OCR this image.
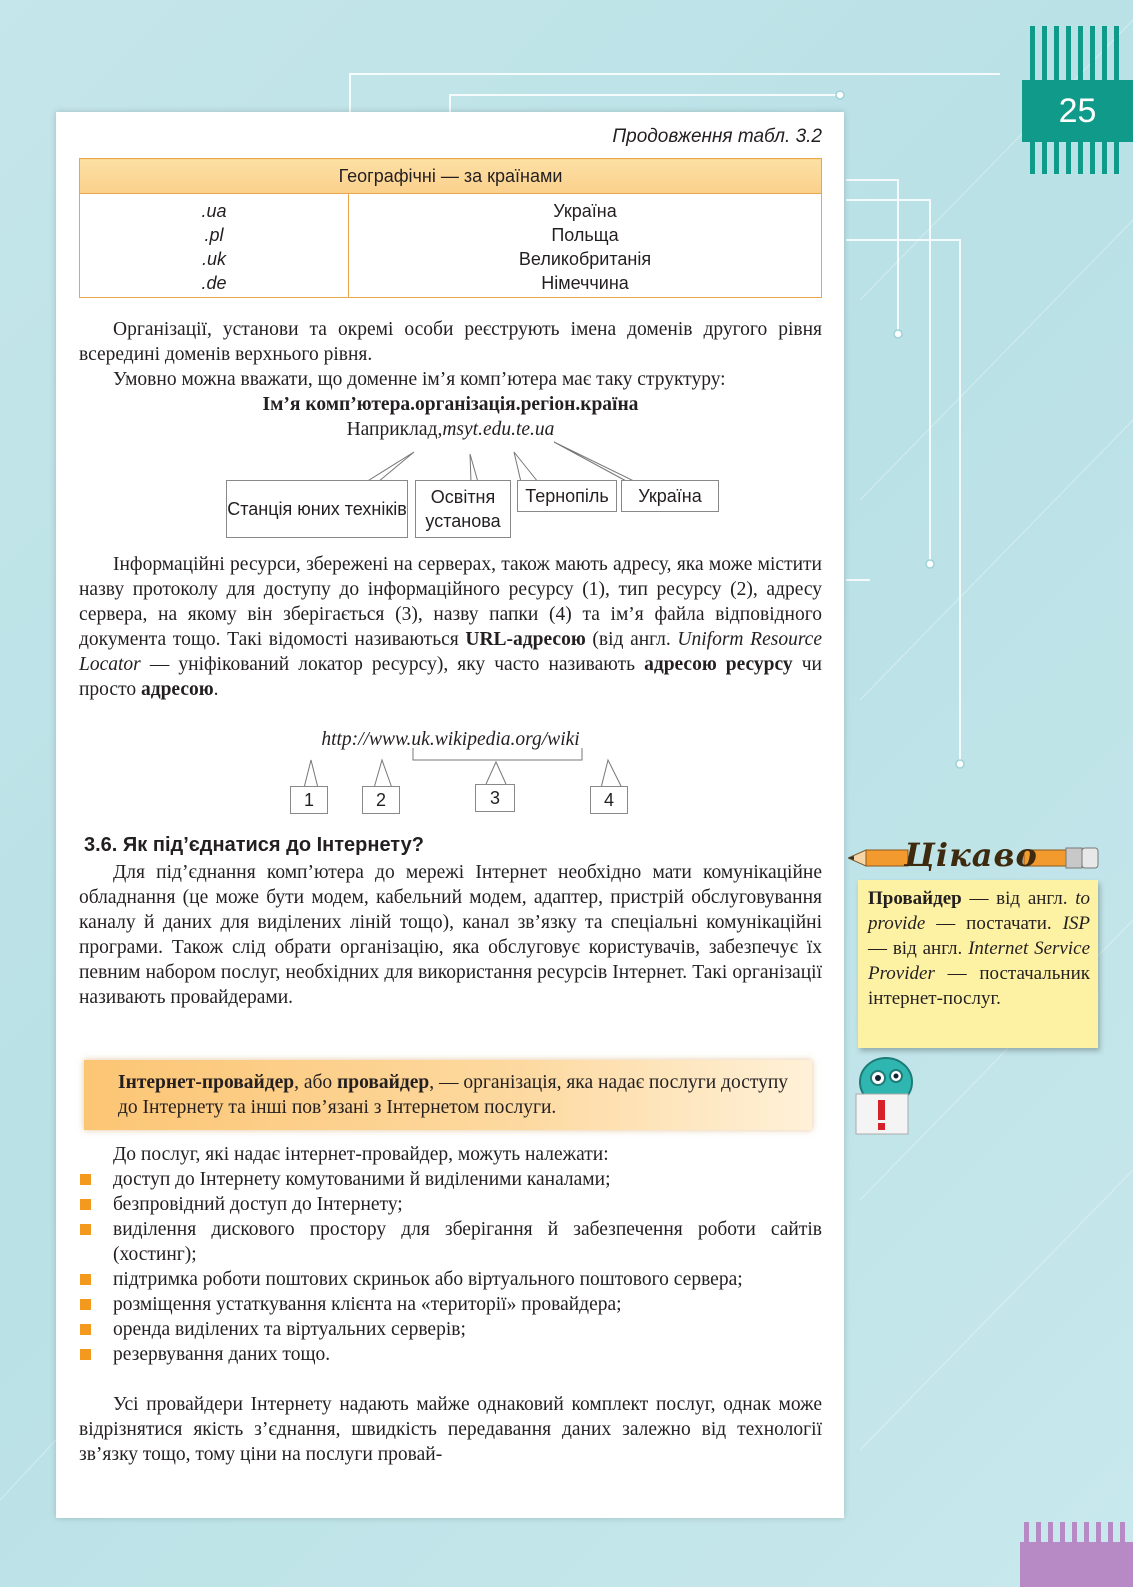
25
Продовження табл. 3.2
Географічні — за країнами	
.ua	Україна
.pl	Польща
.uk	Великобританія
.de	Німеччина

Організації, установи та окремі особи реєструють імена доменів другого рівня всередині доменів верхнього рівня.

Умовно можна вважати, що доменне ім’я комп’ютера має таку структуру:

Ім’я комп’ютера.організація.регіон.країна
Наприклад,msyt.edu.te.ua
Станція юних техніків
Освітня установа
Тернопіль	Україна

Інформаційні ресурси, збережені на серверах, також мають адресу, яка може містити назву протоколу для доступу до інформаційного ресурсу (1), тип ресурсу (2), адресу сервера, на якому він зберігається (3), назву папки (4) та ім’я файла відповідного документа тощо. Такі відомості називаються URL-адресою (від англ. Uniform Resource Locator — уніфікований локатор ресурсу), яку часто називають адресою ресурсу чи просто адресою.

http://www.uk.wikipedia.org/wiki
1	2	3	4
3.6. Як під’єднатися до Інтернету?

Для під’єднання комп’ютера до мережі Інтернет необхідно мати комунікаційне обладнання (це може бути модем, кабельний модем, адаптер, пристрій обслуговування каналу й даних для виділених ліній тощо), канал зв’язку та спеціальні комунікаційні програми. Також слід обрати організацію, яка обслуговує користувачів, забезпечує їх певним набором послуг, необхідних для використання ресурсів Інтернет. Такі організації називають провайдерами.

Інтернет-провайдер, або провайдер, — організація, яка надає послуги доступу до Інтернету та інші пов’язані з Інтернетом послуги.

До послуг, які надає інтернет-провайдер, можуть належати:

доступ до Інтернету комутованими й виділеними каналами;
безпровідний доступ до Інтернету;
виділення дискового простору для зберігання й забезпечення роботи сайтів (хостинг);
підтримка роботи поштових скриньок або віртуального поштового сервера;
розміщення устаткування клієнта на «території» провайдера;
оренда виділених та віртуальних серверів;
резервування даних тощо.

Усі провайдери Інтернету надають майже однаковий комплект послуг, однак може відрізнятися якість з’єднання, швидкість передавання даних залежно від технології зв’язку тощо, тому ціни на послуги провай-

Цікаво
Провайдер — від англ. to provide — постачати. ISP — від англ. Internet Service Provider — постачальник інтернет-послуг.
